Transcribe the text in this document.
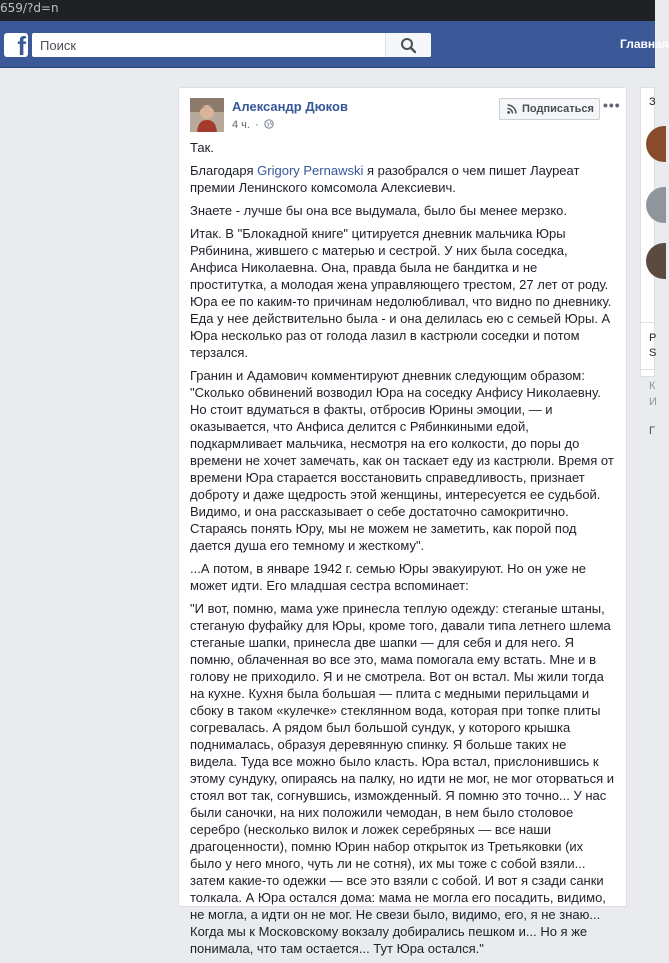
659/?d=n
f
Поиск	Главная
Александр Дюков
4 ч. ·
Подписаться •••

Так.

Благодаря Grigory Pernawski я разобрался о чем пишет Лауреат премии Ленинского комсомола Алексиевич.

Знаете - лучше бы она все выдумала, было бы менее мерзко.

Итак. В "Блокадной книге" цитируется дневник мальчика Юры Рябинина, жившего с матерью и сестрой. У них была соседка, Анфиса Николаевна. Она, правда была не бандитка и не проститутка, а молодая жена управляющего трестом, 27 лет от роду. Юра ее по каким-то причинам недолюбливал, что видно по дневнику. Еда у нее действительно была - и она делилась ею с семьей Юры. А Юра несколько раз от голода лазил в кастрюли соседки и потом терзался.

Гранин и Адамович комментируют дневник следующим образом: "Сколько обвинений возводил Юра на соседку Анфису Николаевну. Но стоит вдуматься в факты, отбросив Юрины эмоции, — и оказывается, что Анфиса делится с Рябинкиными едой, подкармливает мальчика, несмотря на его колкости, до поры до времени не хочет замечать, как он таскает еду из кастрюли. Время от времени Юра старается восстановить справедливость, признает доброту и даже щедрость этой женщины, интересуется ее судьбой. Видимо, и она рассказывает о себе достаточно самокритично. Стараясь понять Юру, мы не можем не заметить, как порой под дается душа его темному и жесткому".

...А потом, в январе 1942 г. семью Юры эвакуируют. Но он уже не может идти. Его младшая сестра вспоминает:

"И вот, помню, мама уже принесла теплую одежду: стеганые штаны, стеганую фуфайку для Юры, кроме того, давали типа летнего шлема стеганые шапки, принесла две шапки — для себя и для него. Я помню, облаченная во все это, мама помогала ему встать. Мне и в голову не приходило. Я и не смотрела. Вот он встал. Мы жили тогда на кухне. Кухня была большая — плита с медными перильцами и сбоку в таком «кулечке» стеклянном вода, которая при топке плиты согревалась. А рядом был большой сундук, у которого крышка поднималась, образуя деревянную спинку. Я больше таких не видела. Туда все можно было класть. Юра встал, прислонившись к этому сундуку, опираясь на палку, но идти не мог, не мог оторваться и стоял вот так, согнувшись, изможденный. Я помню это точно... У нас были саночки, на них положили чемодан, в нем было столовое серебро (несколько вилок и ложек серебряных — все наши драгоценности), помню Юрин набор открыток из Третьяковки (их было у него много, чуть ли не сотня), их мы тоже с собой взяли... затем какие-то одежки — все это взяли с собой. И вот я сзади санки толкала. А Юра остался дома: мама не могла его посадить, видимо, не могла, а идти он не мог. Не свези было, видимо, его, я не знаю... Когда мы к Московскому вокзалу добирались пешком и... Но я же понимала, что там остается... Тут Юра остался."

З
Р
S
К
И
Г
